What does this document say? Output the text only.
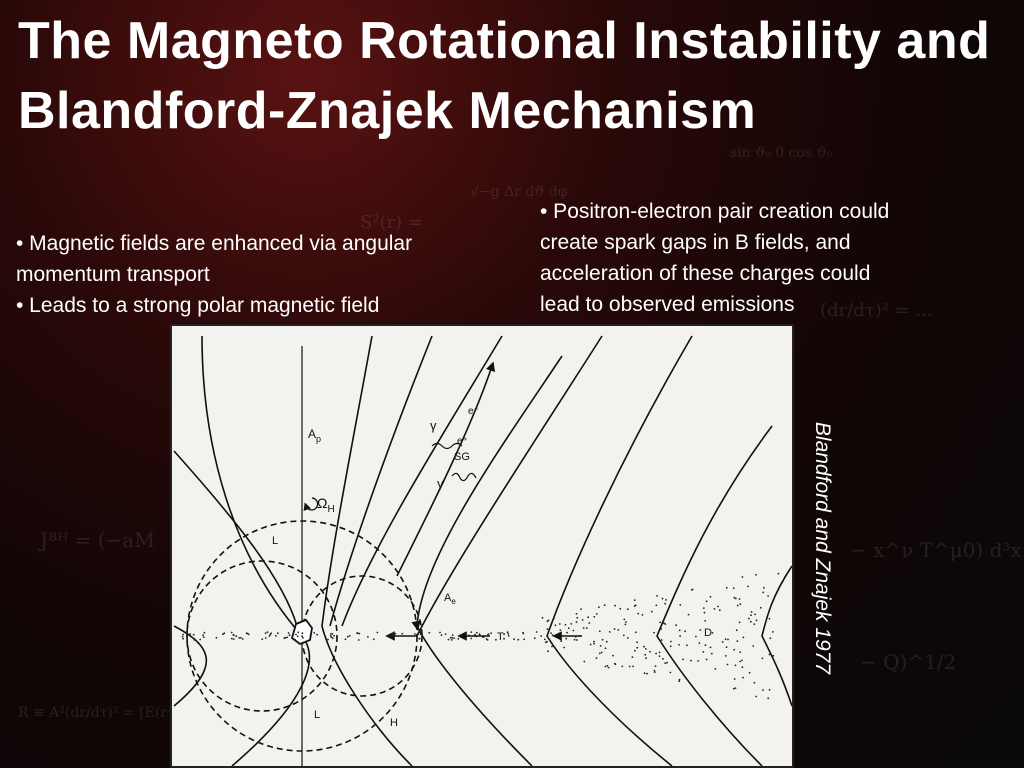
Jᴮᴴ = (−aM
S²(r) =
− x^ν T^μ0) d³x
R ≡ A²(dr/dτ)² = [E(r² + a
sin ϑ₀ 0 cos ϑ₀
(dr/dτ)² = ...
√−g Δr dϑ dφ
− Q)^1/2
The Magneto Rotational Instability and Blandford-Znajek Mechanism
• Magnetic fields are enhanced via angular
momentum transport
• Leads to a strong polar magnetic field
• Positron-electron pair creation could
create spark gaps in B fields, and
acceleration of these charges could
lead to observed emissions
$A_p$
$\Omega_H$
γ
γ
e⁻
e⁺
SG
L
L
H
$A_e$
T	D	Blandford and Znajek 1977
